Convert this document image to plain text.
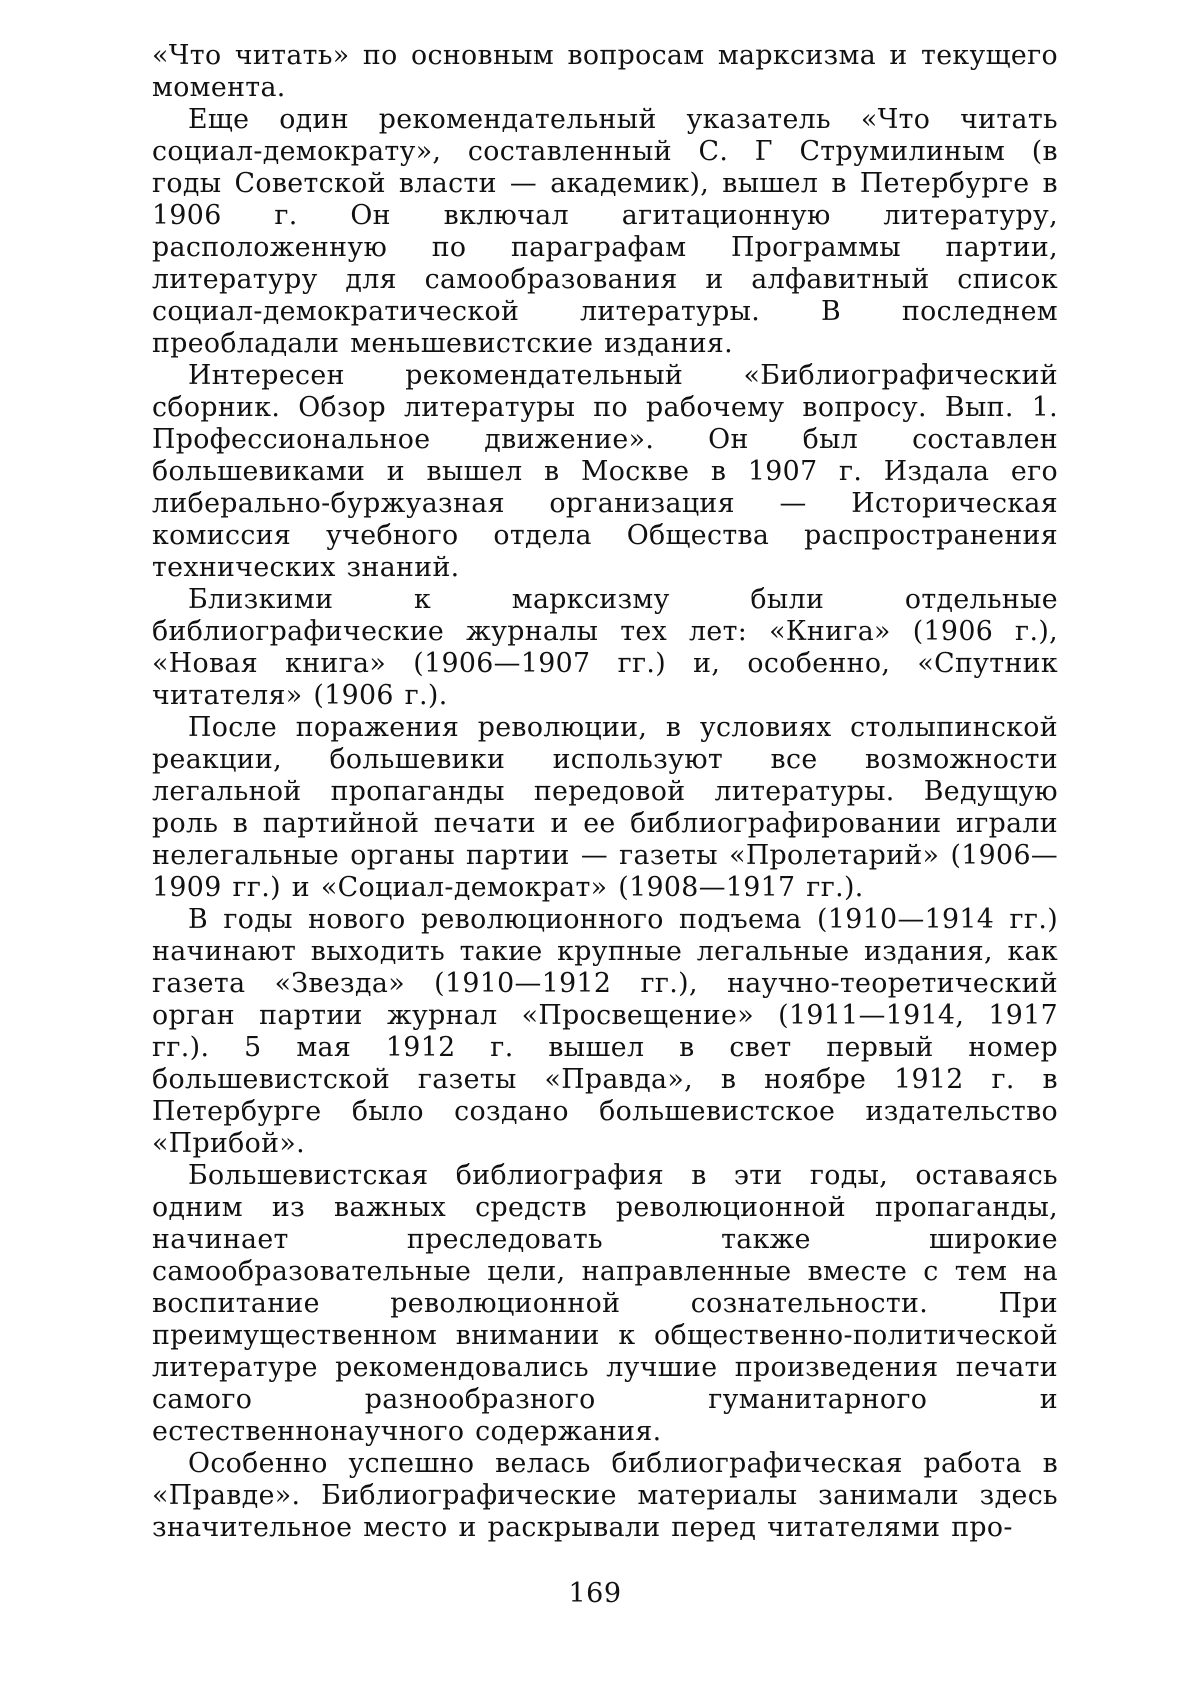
«Что читать» по основным вопросам марксизма и текущего момента.

Еще один рекомендательный указатель «Что читать социал-демократу», составленный С. Г Струмилиным (в годы Советской власти — академик), вышел в Петербурге в 1906 г. Он включал агитационную литературу, расположенную по параграфам Программы партии, литературу для самообразования и алфавитный список социал-демократической литературы. В последнем преобладали меньшевистские издания.

Интересен рекомендательный «Библиографический сборник. Обзор литературы по рабочему вопросу. Вып. 1. Профессиональное движение». Он был составлен большевиками и вышел в Москве в 1907 г. Издала его либерально-буржуазная организация — Историческая комиссия учебного отдела Общества распространения технических знаний.

Близкими к марксизму были отдельные библиографические журналы тех лет: «Книга» (1906 г.), «Новая книга» (1906—1907 гг.) и, особенно, «Спутник читателя» (1906 г.).

После поражения революции, в условиях столыпинской реакции, большевики используют все возможности легальной пропаганды передовой литературы. Ведущую роль в партийной печати и ее библиографировании играли нелегальные органы партии — газеты «Пролетарий» (1906—1909 гг.) и «Социал-демократ» (1908—1917 гг.).

В годы нового революционного подъема (1910—1914 гг.) начинают выходить такие крупные легальные издания, как газета «Звезда» (1910—1912 гг.), научно-теоретический орган партии журнал «Просвещение» (1911—1914, 1917 гг.). 5 мая 1912 г. вышел в свет первый номер большевистской газеты «Правда», в ноябре 1912 г. в Петербурге было создано большевистское издательство «Прибой».

Большевистская библиография в эти годы, оставаясь одним из важных средств революционной пропаганды, начинает преследовать также широкие самообразовательные цели, направленные вместе с тем на воспитание революционной сознательности. При преимущественном внимании к общественно-политической литературе рекомендовались лучшие произведения печати самого разнообразного гуманитарного и естественнонаучного содержания.

Особенно успешно велась библиографическая работа в «Правде». Библиографические материалы занимали здесь значительное место и раскрывали перед читателями про-

169
